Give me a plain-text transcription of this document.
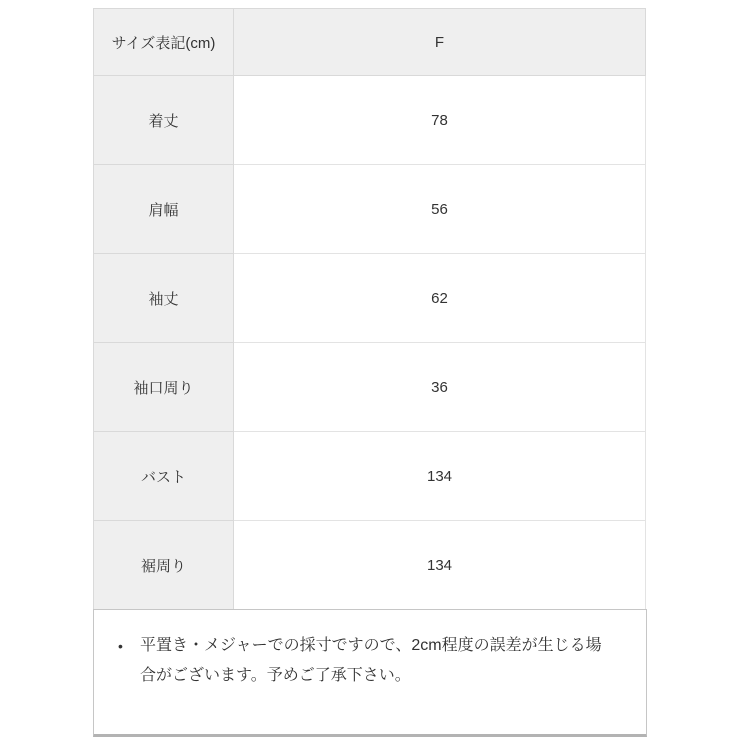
サイズ表記(cm)	F
着丈	78
肩幅	56
袖丈	62
袖口周り	36
バスト	134
裾周り	134
•	平置き・メジャーでの採寸ですので、2cm程度の誤差が生じる場合がございます。予めご了承下さい。
